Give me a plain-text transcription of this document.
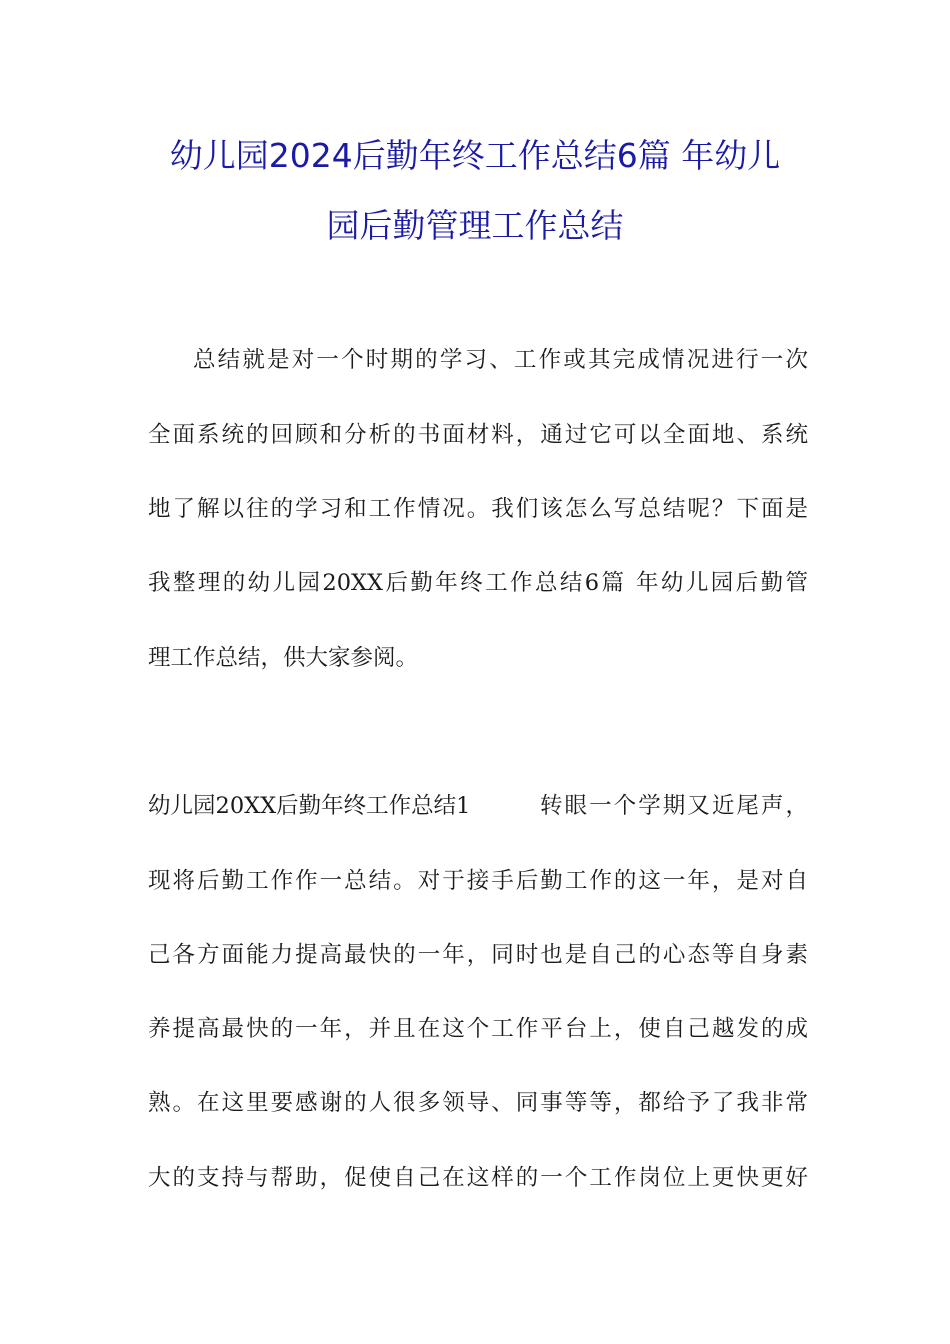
幼儿园2024后勤年终工作总结6篇 年幼儿
园后勤管理工作总结
总结就是对一个时期的学习、工作或其完成情况进行一次
全面系统的回顾和分析的书面材料，通过它可以全面地、系统
地了解以往的学习和工作情况。我们该怎么写总结呢？下面是
我整理的幼儿园20XX后勤年终工作总结6篇 年幼儿园后勤管
理工作总结，供大家参阅。
幼儿园20XX后勤年终工作总结1	转眼一个学期又近尾声，
现将后勤工作作一总结。对于接手后勤工作的这一年，是对自
己各方面能力提高最快的一年，同时也是自己的心态等自身素
养提高最快的一年，并且在这个工作平台上，使自己越发的成
熟。在这里要感谢的人很多领导、同事等等，都给予了我非常
大的支持与帮助，促使自己在这样的一个工作岗位上更快更好
